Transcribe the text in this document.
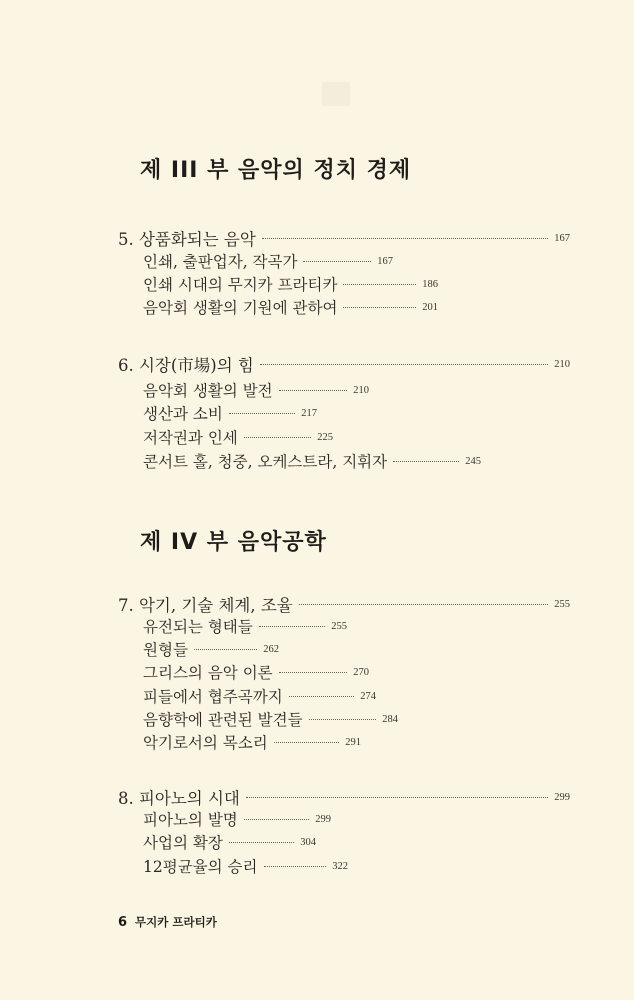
제 III 부 음악의 정치 경제
5. 상품화되는 음악	167
인쇄, 출판업자, 작곡가	167
인쇄 시대의 무지카 프라티카	186
음악회 생활의 기원에 관하여	201
6. 시장(市場)의 힘	210
음악회 생활의 발전	210
생산과 소비	217
저작권과 인세	225
콘서트 홀, 청중, 오케스트라, 지휘자	245
제 IV 부 음악공학
7. 악기, 기술 체계, 조율	255
유전되는 형태들	255
원형들	262
그리스의 음악 이론	270
피들에서 협주곡까지	274
음향학에 관련된 발견들	284
악기로서의 목소리	291
8. 피아노의 시대	299
피아노의 발명	299
사업의 확장	304
12평균율의 승리	322
6 무지카 프라티카
